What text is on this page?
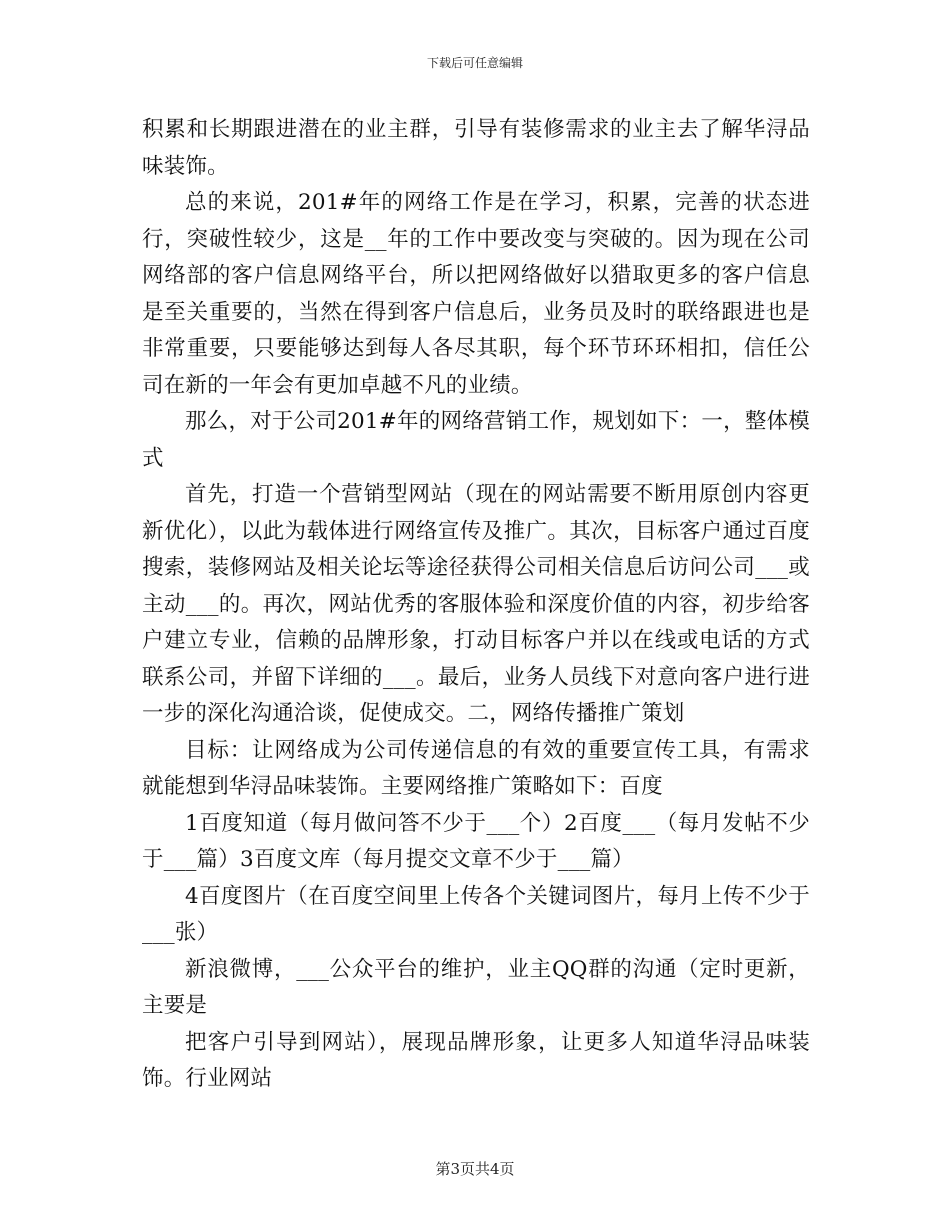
下载后可任意编辑

积累和长期跟进潜在的业主群，引导有装修需求的业主去了解华浔品味装饰。

总的来说，201#年的网络工作是在学习，积累，完善的状态进行，突破性较少，这是__年的工作中要改变与突破的。因为现在公司网络部的客户信息网络平台，所以把网络做好以猎取更多的客户信息是至关重要的，当然在得到客户信息后，业务员及时的联络跟进也是非常重要，只要能够达到每人各尽其职，每个环节环环相扣，信任公司在新的一年会有更加卓越不凡的业绩。

那么，对于公司201#年的网络营销工作，规划如下：一，整体模式

首先，打造一个营销型网站（现在的网站需要不断用原创内容更新优化），以此为载体进行网络宣传及推广。其次，目标客户通过百度搜索，装修网站及相关论坛等途径获得公司相关信息后访问公司___或主动___的。再次，网站优秀的客服体验和深度价值的内容，初步给客户建立专业，信赖的品牌形象，打动目标客户并以在线或电话的方式联系公司，并留下详细的___。最后，业务人员线下对意向客户进行进一步的深化沟通洽谈，促使成交。二，网络传播推广策划

目标：让网络成为公司传递信息的有效的重要宣传工具，有需求就能想到华浔品味装饰。主要网络推广策略如下：百度

1百度知道（每月做问答不少于___个）2百度___（每月发帖不少于___篇）3百度文库（每月提交文章不少于___篇）

4百度图片（在百度空间里上传各个关键词图片，每月上传不少于___张）

新浪微博，___公众平台的维护，业主QQ群的沟通（定时更新，主要是

把客户引导到网站），展现品牌形象，让更多人知道华浔品味装饰。行业网站

第3页共4页
